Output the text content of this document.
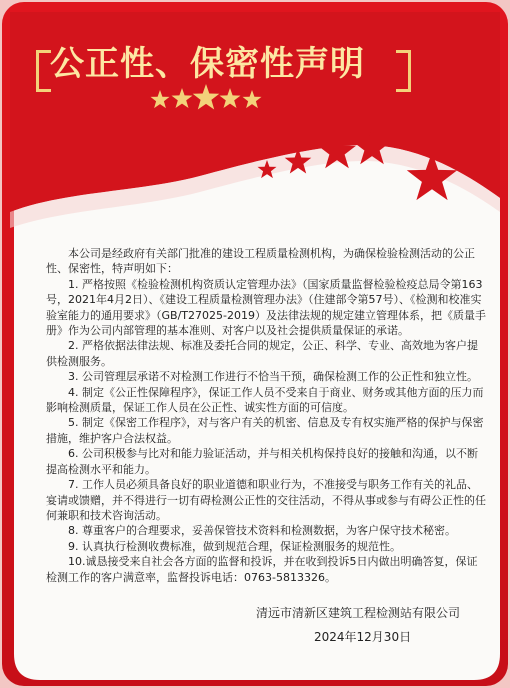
公正性、保密性声明

本公司是经政府有关部门批准的建设工程质量检测机构，为确保检验检测活动的公正性、保密性，特声明如下：

1. 严格按照《检验检测机构资质认定管理办法》（国家质量监督检验检疫总局令第163号，2021年4月2日）、《建设工程质量检测管理办法》（住建部令第57号）、《检测和校准实验室能力的通用要求》（GB/T27025-2019）及法律法规的规定建立管理体系，把《质量手册》作为公司内部管理的基本准则、对客户以及社会提供质量保证的承诺。

2. 严格依据法律法规、标准及委托合同的规定，公正、科学、专业、高效地为客户提供检测服务。

3. 公司管理层承诺不对检测工作进行不恰当干预，确保检测工作的公正性和独立性。

4. 制定《公正性保障程序》，保证工作人员不受来自于商业、财务或其他方面的压力而影响检测质量，保证工作人员在公正性、诚实性方面的可信度。

5. 制定《保密工作程序》，对与客户有关的机密、信息及专有权实施严格的保护与保密措施，维护客户合法权益。

6. 公司积极参与比对和能力验证活动，并与相关机构保持良好的接触和沟通，以不断提高检测水平和能力。

7. 工作人员必须具备良好的职业道德和职业行为，不准接受与职务工作有关的礼品、宴请或馈赠，并不得进行一切有碍检测公正性的交往活动，不得从事或参与有碍公正性的任何兼职和技术咨询活动。

8. 尊重客户的合理要求，妥善保管技术资料和检测数据，为客户保守技术秘密。

9. 认真执行检测收费标准，做到规范合理，保证检测服务的规范性。

10.诚恳接受来自社会各方面的监督和投诉，并在收到投诉5日内做出明确答复，保证检测工作的客户满意率，监督投诉电话：0763-5813326。

清远市清新区建筑工程检测站有限公司
2024年12月30日
